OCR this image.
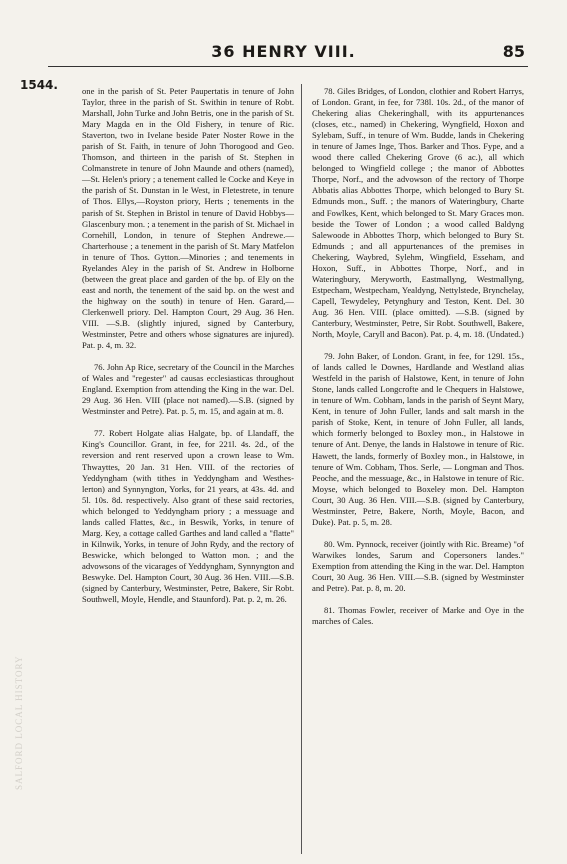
36 HENRY VIII.	85
1544.
SALFORD LOCAL HISTORY

one in the parish of St. Peter Paupertatis in tenure of John Taylor, three in the parish of St. Swithin in tenure of Robt. Marshall, John Turke and John Betris, one in the parish of St. Mary Magda en in the Old Fishery, in tenure of Ric. Staverton, two in Ivelane beside Pater Noster Rowe in the parish of St. Faith, in tenure of John Thorogood and Geo. Thomson, and thirteen in the parish of St. Stephen in Colmanstrete in tenure of John Maunde and others (named),—St. Helen's priory ; a tenement called le Cocke and Keye in the parish of St. Dunstan in le West, in Fletestrete, in tenure of Thos. Ellys,—Royston priory, Herts ; tenements in the parish of St. Stephen in Bristol in tenure of David Hobbys—Glascenbury mon. ; a tenement in the parish of St. Michael in Cornehill, London, in tenure of Stephen Andrewe.—Charterhouse ; a tenement in the parish of St. Mary Matfelon in tenure of Thos. Gytton.—Minories ; and tenements in Ryelandes Aley in the parish of St. Andrew in Holborne (between the great place and garden of the bp. of Ely on the east and north, the tenement of the said bp. on the west and the highway on the south) in tenure of Hen. Garard,—Clerkenwell priory. Del. Hampton Court, 29 Aug. 36 Hen. VIII. —S.B. (slightly injured, signed by Canterbury, Westminster, Petre and others whose signatures are injured). Pat. p. 4, m. 32.

76. John Ap Rice, secretary of the Council in the Marches of Wales and "regester" ad causas ecclesiasticas throughout England. Exemption from attending the King in the war. Del. 29 Aug. 36 Hen. VIII (place not named).—S.B. (signed by Westminster and Petre). Pat. p. 5, m. 15, and again at m. 8.

77. Robert Holgate alias Halgate, bp. of Llandaff, the King's Councillor. Grant, in fee, for 221l. 4s. 2d., of the reversion and rent reserved upon a crown lease to Wm. Thwayttes, 20 Jan. 31 Hen. VIII. of the rectories of Yeddyngham (with tithes in Yeddyngham and Westhes-lerton) and Synnyngton, Yorks, for 21 years, at 43s. 4d. and 5l. 10s. 8d. respectively. Also grant of these said rectories, which belonged to Yeddyngham priory ; a messuage and lands called Flattes, &c., in Beswik, Yorks, in tenure of Marg. Key, a cottage called Garthes and land called a "flatte" in Kilnwik, Yorks, in tenure of John Rydy, and the rectory of Beswicke, which belonged to Watton mon. ; and the advowsons of the vicarages of Yeddyngham, Synnyngton and Beswyke. Del. Hampton Court, 30 Aug. 36 Hen. VIII.—S.B. (signed by Canterbury, Westminster, Petre, Bakere, Sir Robt. Southwell, Moyle, Hendle, and Staunford). Pat. p. 2, m. 26.

78. Giles Bridges, of London, clothier and Robert Harrys, of London. Grant, in fee, for 738l. 10s. 2d., of the manor of Chekering alias Chekeringhall, with its appurtenances (closes, etc., named) in Chekering, Wyngfield, Hoxon and Sylebam, Suff., in tenure of Wm. Budde, lands in Chekering in tenure of James Inge, Thos. Barker and Thos. Fype, and a wood there called Chekering Grove (6 ac.), all which belonged to Wingfield college ; the manor of Abbottes Thorpe, Norf., and the advowson of the rectory of Thorpe Abbatis alias Abbottes Thorpe, which belonged to Bury St. Edmunds mon., Suff. ; the manors of Wateringbury, Charte and Fowlkes, Kent, which belonged to St. Mary Graces mon. beside the Tower of London ; a wood called Baldyng Salewoode in Abbottes Thorp, which belonged to Bury St. Edmunds ; and all appurtenances of the premises in Chekering, Waybred, Sylehm, Wingfield, Esseham, and Hoxon, Suff., in Abbottes Thorpe, Norf., and in Wateringbury, Meryworth, Eastmallyng, Westmallyng, Estpecham, Westpecham, Yealdyng, Nettylstede, Brynchelay, Capell, Tewydeley, Petynghury and Teston, Kent. Del. 30 Aug. 36 Hen. VIII. (place omitted). —S.B. (signed by Canterbury, Westminster, Petre, Sir Robt. Southwell, Bakere, North, Moyle, Caryll and Bacon). Pat. p. 4, m. 18. (Undated.)

79. John Baker, of London. Grant, in fee, for 129l. 15s., of lands called le Downes, Hardlande and Westland alias Westfeld in the parish of Halstowe, Kent, in tenure of John Stone, lands called Longcrofte and le Chequers in Halstowe, in tenure of Wm. Cobham, lands in the parish of Seynt Mary, Kent, in tenure of John Fuller, lands and salt marsh in the parish of Stoke, Kent, in tenure of John Fuller, all lands, which formerly belonged to Boxley mon., in Halstowe in tenure of Ant. Denye, the lands in Halstowe in tenure of Ric. Hawett, the lands, formerly of Boxley mon., in Halstowe, in tenure of Wm. Cobham, Thos. Serle, — Longman and Thos. Peoche, and the messuage, &c., in Halstowe in tenure of Ric. Moyse, which belonged to Boxeley mon. Del. Hampton Court, 30 Aug. 36 Hen. VIII.—S.B. (signed by Canterbury, Westminster, Petre, Bakere, North, Moyle, Bacon, and Duke). Pat. p. 5, m. 28.

80. Wm. Pynnock, receiver (jointly with Ric. Breame) "of Warwikes londes, Sarum and Copersoners landes." Exemption from attending the King in the war. Del. Hampton Court, 30 Aug. 36 Hen. VIII.—S.B. (signed by Westminster and Petre). Pat. p. 8, m. 20.

81. Thomas Fowler, receiver of Marke and Oye in the marches of Cales.
